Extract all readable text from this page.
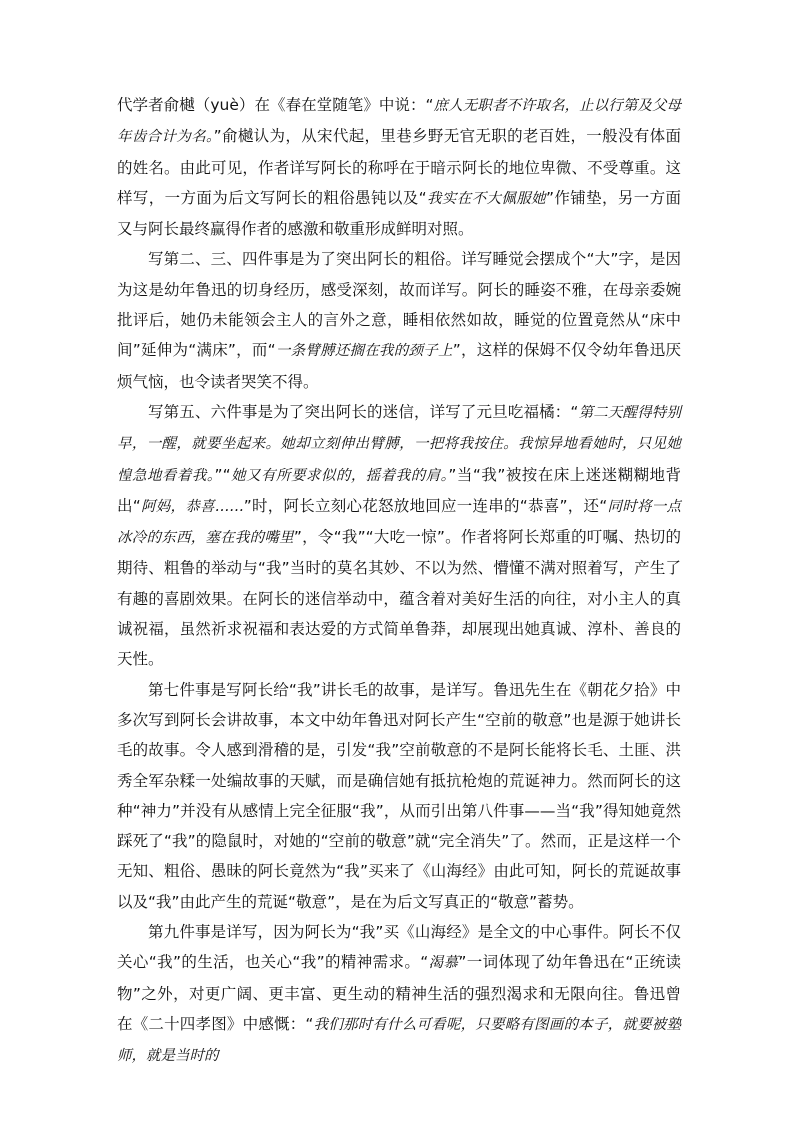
代学者俞樾（yuè）在《春在堂随笔》中说：“庶人无职者不许取名，止以行第及父母年齿合计为名。”俞樾认为，从宋代起，里巷乡野无官无职的老百姓，一般没有体面的姓名。由此可见，作者详写阿长的称呼在于暗示阿长的地位卑微、不受尊重。这样写，一方面为后文写阿长的粗俗愚钝以及“我实在不大佩服她”作铺垫，另一方面又与阿长最终赢得作者的感激和敬重形成鲜明对照。

写第二、三、四件事是为了突出阿长的粗俗。详写睡觉会摆成个“大”字，是因为这是幼年鲁迅的切身经历，感受深刻，故而详写。阿长的睡姿不雅，在母亲委婉批评后，她仍未能领会主人的言外之意，睡相依然如故，睡觉的位置竟然从“床中间”延伸为“满床”，而“一条臂膊还搁在我的颈子上”，这样的保姆不仅令幼年鲁迅厌烦气恼，也令读者哭笑不得。

写第五、六件事是为了突出阿长的迷信，详写了元旦吃福橘：“第二天醒得特别早，一醒，就要坐起来。她却立刻伸出臂膊，一把将我按住。我惊异地看她时，只见她惶急地看着我。”“她又有所要求似的，摇着我的肩。”当“我”被按在床上迷迷糊糊地背出“阿妈，恭喜……”时，阿长立刻心花怒放地回应一连串的“恭喜”，还“同时将一点冰冷的东西，塞在我的嘴里”，令“我”“大吃一惊”。作者将阿长郑重的叮嘱、热切的期待、粗鲁的举动与“我”当时的莫名其妙、不以为然、懵懂不满对照着写，产生了有趣的喜剧效果。在阿长的迷信举动中，蕴含着对美好生活的向往，对小主人的真诚祝福，虽然祈求祝福和表达爱的方式简单鲁莽，却展现出她真诚、淳朴、善良的天性。

第七件事是写阿长给“我”讲长毛的故事，是详写。鲁迅先生在《朝花夕拾》中多次写到阿长会讲故事，本文中幼年鲁迅对阿长产生“空前的敬意”也是源于她讲长毛的故事。令人感到滑稽的是，引发“我”空前敬意的不是阿长能将长毛、土匪、洪秀全军杂糅一处编故事的天赋，而是确信她有抵抗枪炮的荒诞神力。然而阿长的这种“神力”并没有从感情上完全征服“我”，从而引出第八件事——当“我”得知她竟然踩死了“我”的隐鼠时，对她的“空前的敬意”就“完全消失”了。然而，正是这样一个无知、粗俗、愚昧的阿长竟然为“我”买来了《山海经》由此可知，阿长的荒诞故事以及“我”由此产生的荒诞“敬意”，是在为后文写真正的“敬意”蓄势。

第九件事是详写，因为阿长为“我”买《山海经》是全文的中心事件。阿长不仅关心“我”的生活，也关心“我”的精神需求。“渴慕”一词体现了幼年鲁迅在“正统读物”之外，对更广阔、更丰富、更生动的精神生活的强烈渴求和无限向往。鲁迅曾在《二十四孝图》中感慨：“我们那时有什么可看呢，只要略有图画的本子，就要被塾师，就是当时的
